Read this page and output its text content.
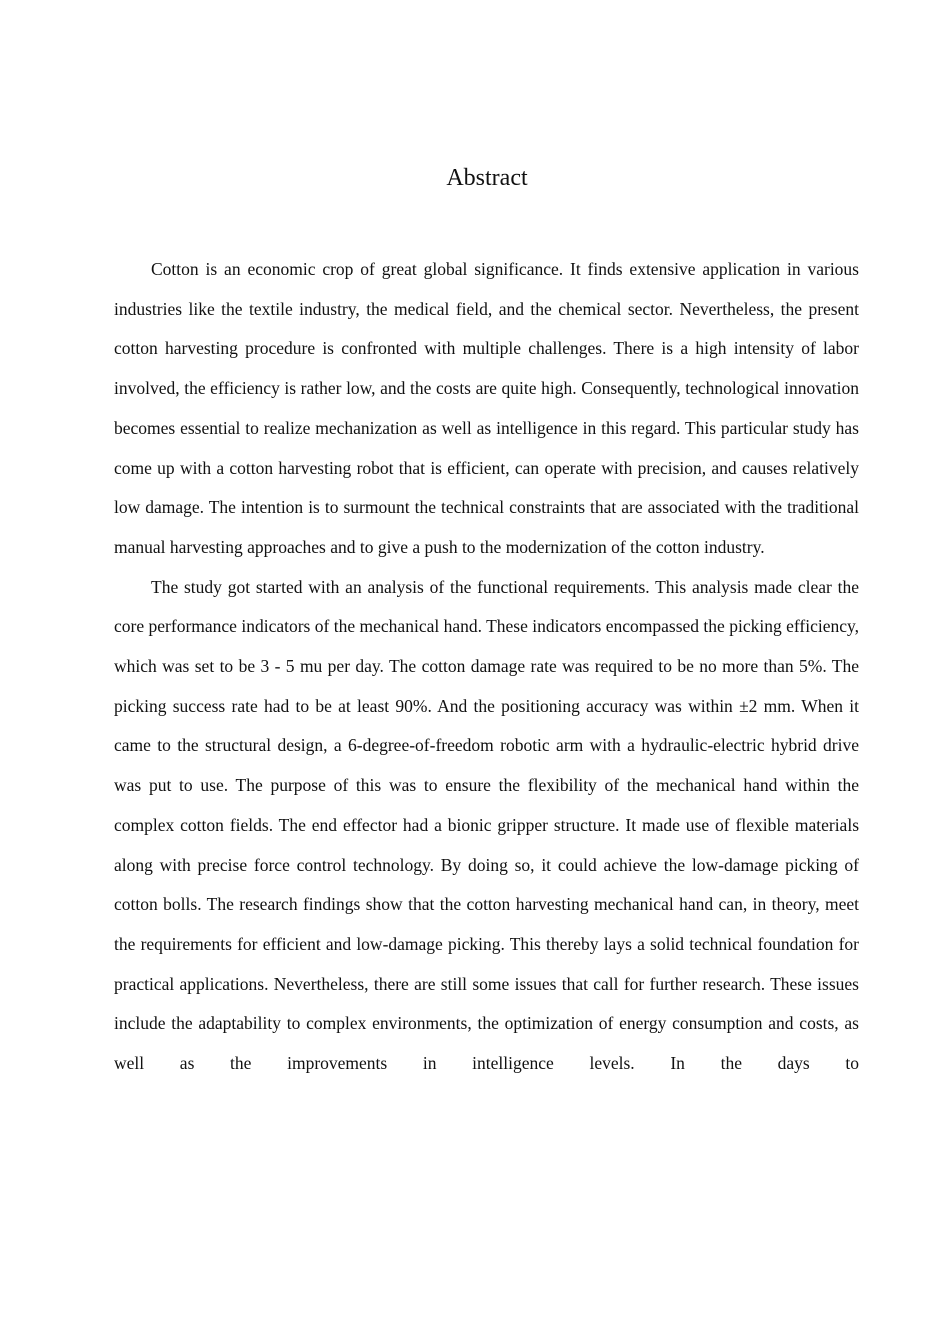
Abstract

Cotton is an economic crop of great global significance. It finds extensive application in various industries like the textile industry, the medical field, and the chemical sector. Nevertheless, the present cotton harvesting procedure is confronted with multiple challenges. There is a high intensity of labor involved, the efficiency is rather low, and the costs are quite high. Consequently, technological innovation becomes essential to realize mechanization as well as intelligence in this regard. This particular study has come up with a cotton harvesting robot that is efficient, can operate with precision, and causes relatively low damage. The intention is to surmount the technical constraints that are associated with the traditional manual harvesting approaches and to give a push to the modernization of the cotton industry.

The study got started with an analysis of the functional requirements. This analysis made clear the core performance indicators of the mechanical hand. These indicators encompassed the picking efficiency, which was set to be 3 - 5 mu per day. The cotton damage rate was required to be no more than 5%. The picking success rate had to be at least 90%. And the positioning accuracy was within ±2 mm. When it came to the structural design, a 6-degree-of-freedom robotic arm with a hydraulic-electric hybrid drive was put to use. The purpose of this was to ensure the flexibility of the mechanical hand within the complex cotton fields. The end effector had a bionic gripper structure. It made use of flexible materials along with precise force control technology. By doing so, it could achieve the low-damage picking of cotton bolls. The research findings show that the cotton harvesting mechanical hand can, in theory, meet the requirements for efficient and low-damage picking. This thereby lays a solid technical foundation for practical applications. Nevertheless, there are still some issues that call for further research. These issues include the adaptability to complex environments, the optimization of energy consumption and costs, as well as the improvements in intelligence levels. In the days to
